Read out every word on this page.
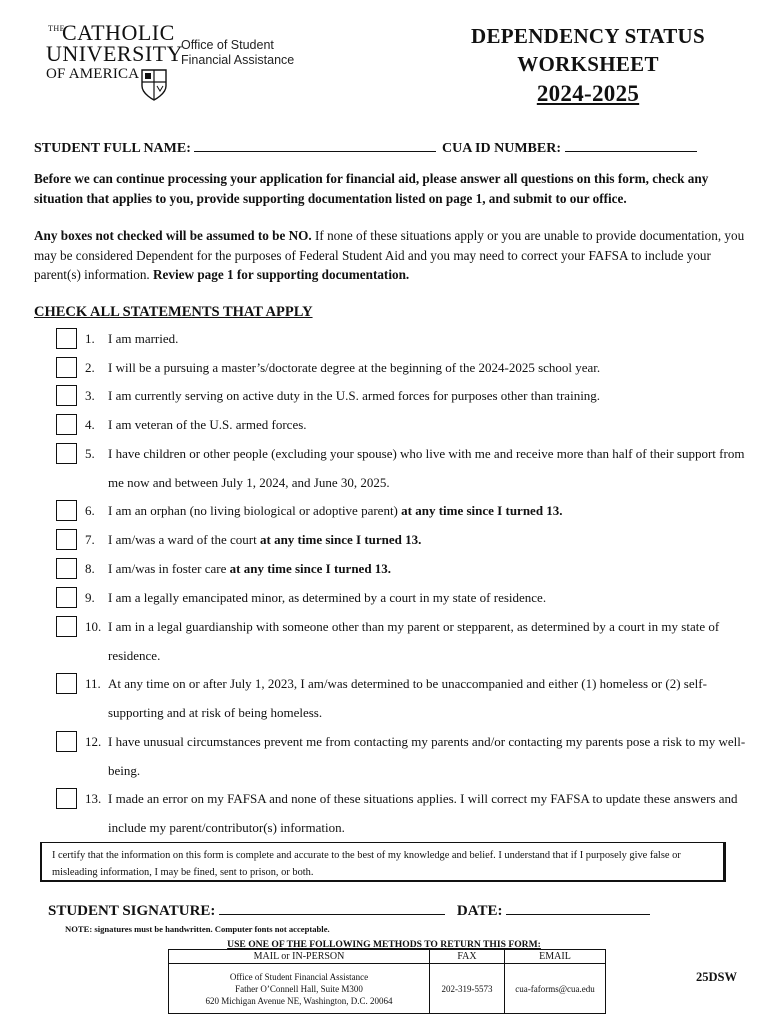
THE
CATHOLIC
UNIVERSITY
OF AMERICA
Office of Student
Financial Assistance
DEPENDENCY STATUS
WORKSHEET
2024-2025
STUDENT FULL NAME:	CUA ID NUMBER:
Before we can continue processing your application for financial aid, please answer all questions on this form, check any situation that applies to you, provide supporting documentation listed on page 1, and submit to our office.
Any boxes not checked will be assumed to be NO. If none of these situations apply or you are unable to provide documentation, you may be considered Dependent for the purposes of Federal Student Aid and you may need to correct your FAFSA to include your parent(s) information. Review page 1 for supporting documentation.
CHECK ALL STATEMENTS THAT APPLY
1. I am married.
2. I will be a pursuing a master’s/doctorate degree at the beginning of the 2024-2025 school year.
3. I am currently serving on active duty in the U.S. armed forces for purposes other than training.
4. I am veteran of the U.S. armed forces.
5. I have children or other people (excluding your spouse) who live with me and receive more than half of their support from me now and between July 1, 2024, and June 30, 2025.
6. I am an orphan (no living biological or adoptive parent) at any time since I turned 13.
7. I am/was a ward of the court at any time since I turned 13.
8. I am/was in foster care at any time since I turned 13.
9. I am a legally emancipated minor, as determined by a court in my state of residence.
10. I am in a legal guardianship with someone other than my parent or stepparent, as determined by a court in my state of residence.
11. At any time on or after July 1, 2023, I am/was determined to be unaccompanied and either (1) homeless or (2) self-supporting and at risk of being homeless.
12. I have unusual circumstances prevent me from contacting my parents and/or contacting my parents pose a risk to my well-being.
13. I made an error on my FAFSA and none of these situations applies. I will correct my FAFSA to update these answers and include my parent/contributor(s) information.
I certify that the information on this form is complete and accurate to the best of my knowledge and belief. I understand that if I purposely give false or misleading information, I may be fined, sent to prison, or both.
STUDENT SIGNATURE:	DATE:
NOTE: signatures must be handwritten. Computer fonts not acceptable.
USE ONE OF THE FOLLOWING METHODS TO RETURN THIS FORM:
MAIL or IN-PERSON	FAX	EMAIL

Office of Student Financial Assistance
Father O’Connell Hall, Suite M300
620 Michigan Avenue NE, Washington, D.C. 20064	202-319-5573	cua-faforms@cua.edu
25DSW
